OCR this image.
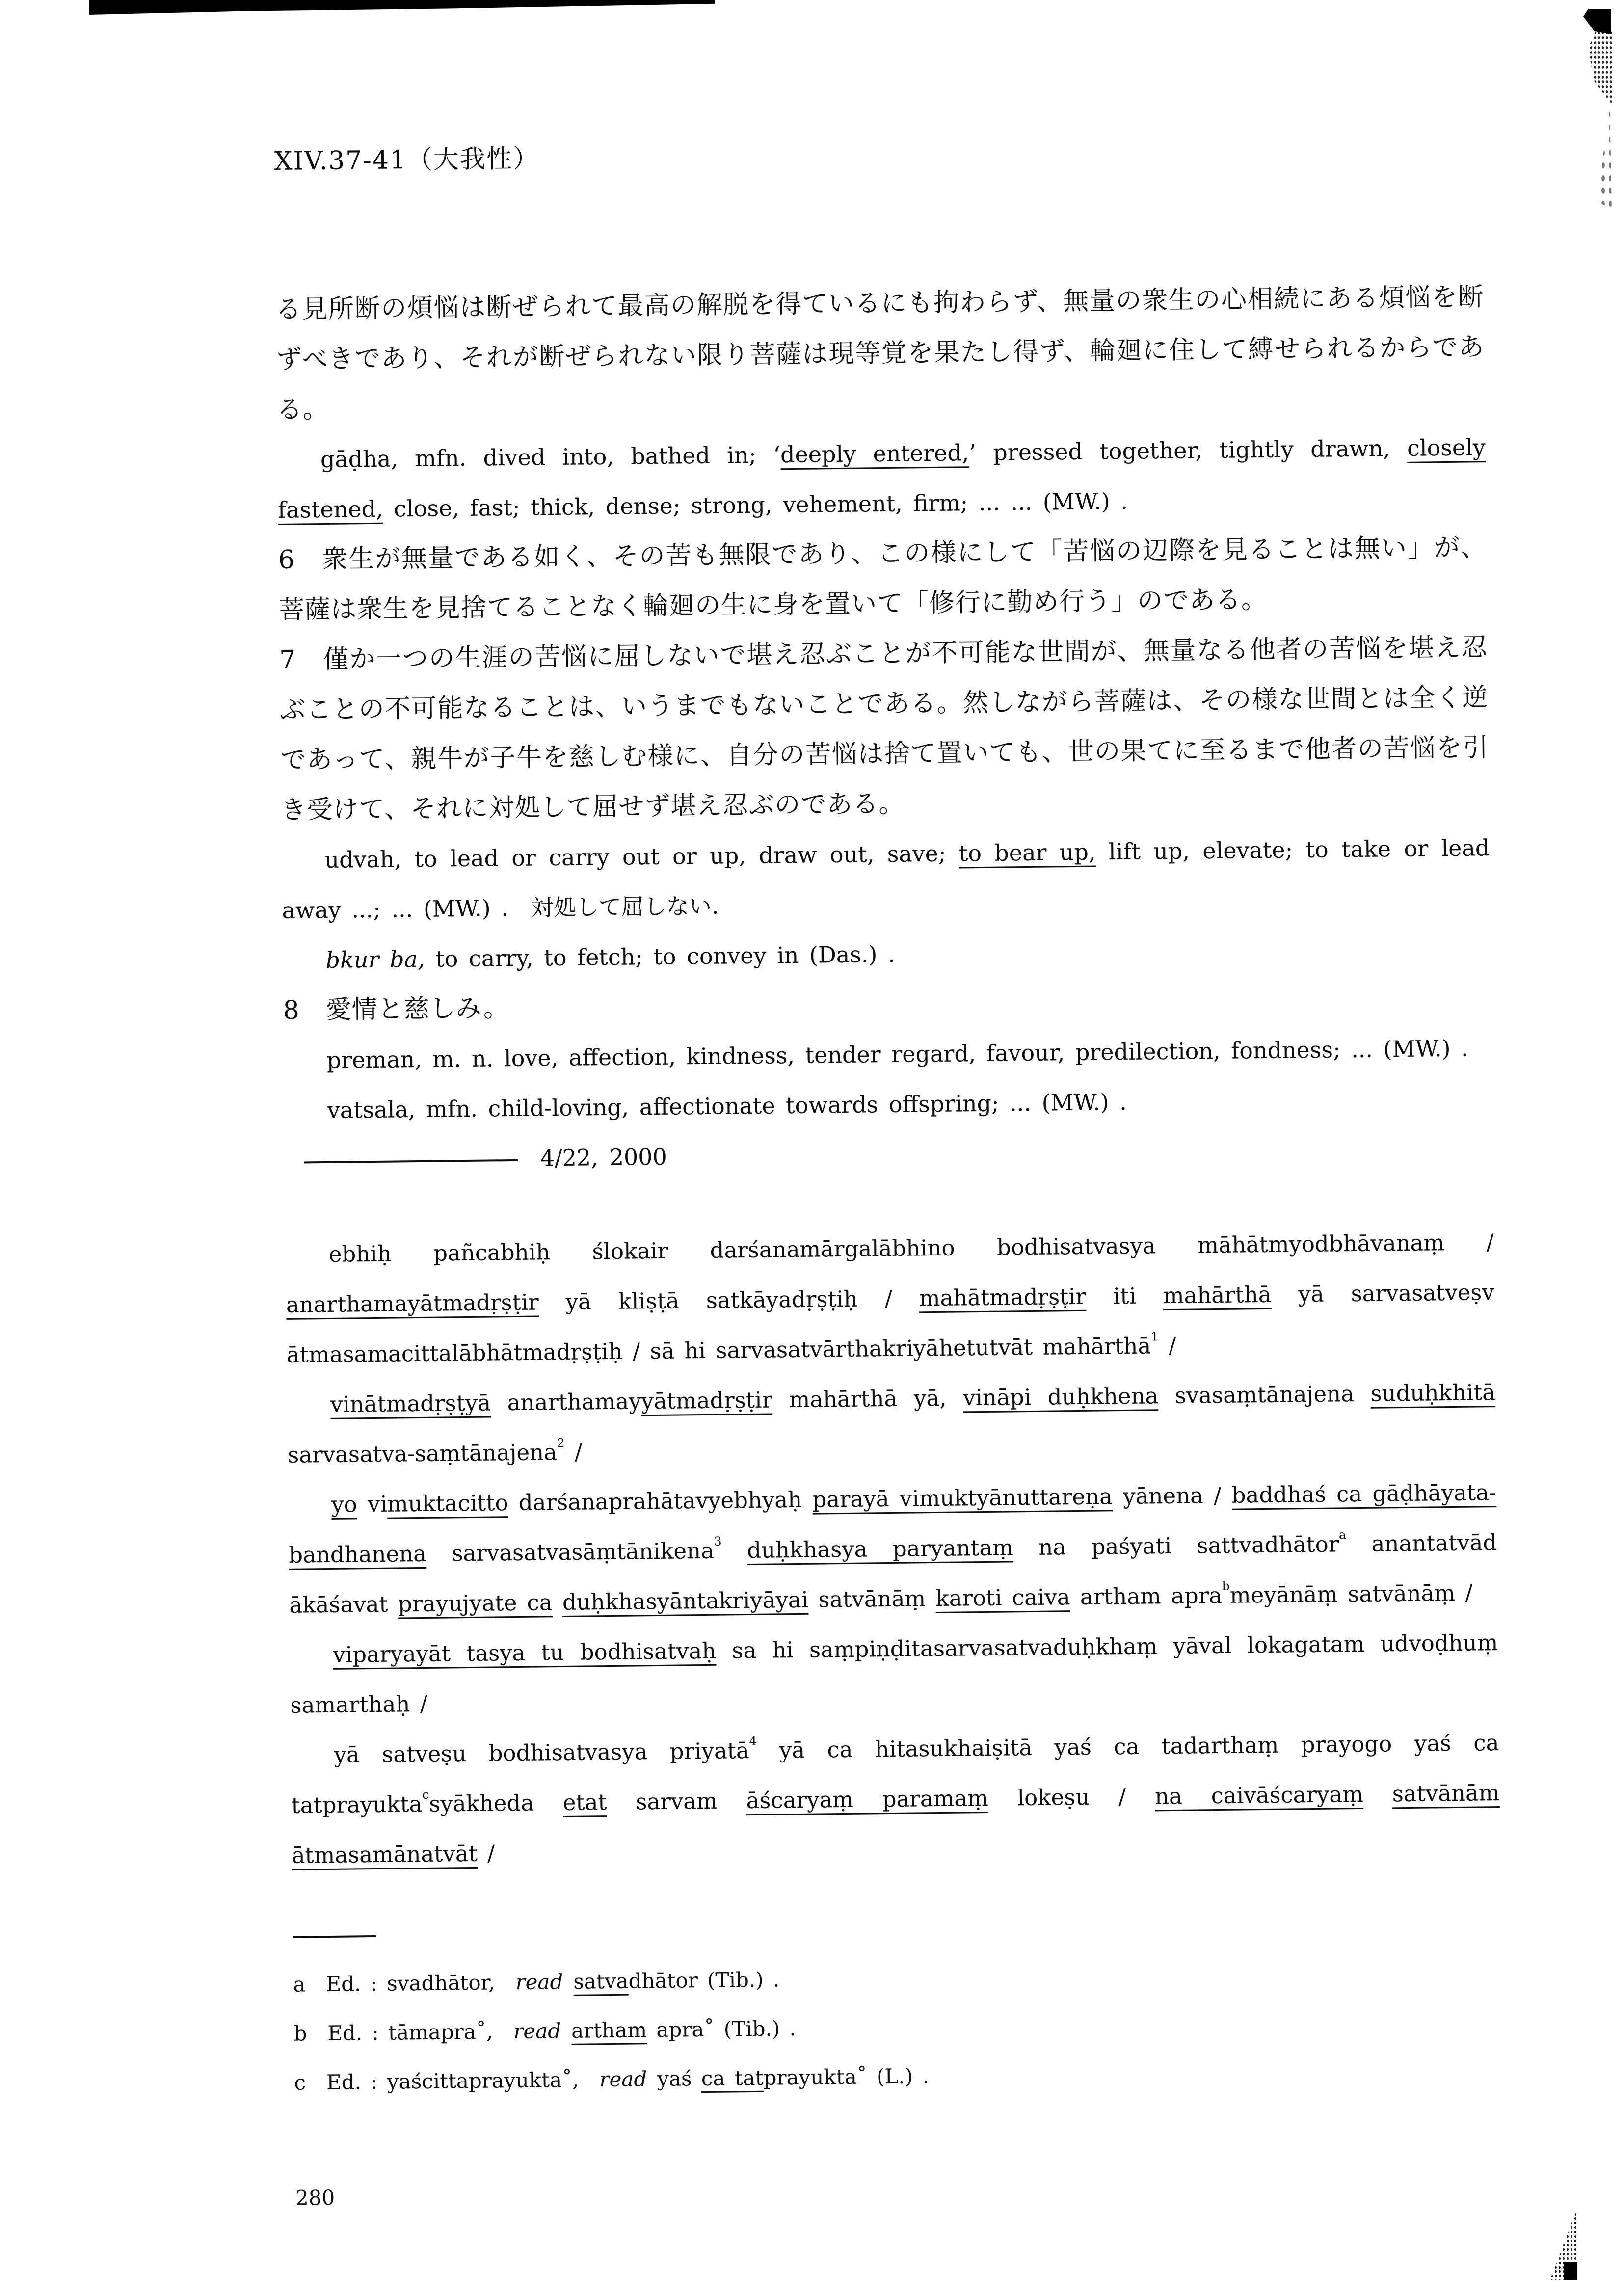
XIV.37-41（大我性）

る見所断の煩悩は断ぜられて最高の解脱を得ているにも拘わらず、無量の衆生の心相続にある煩悩を断ずべきであり、それが断ぜられない限り菩薩は現等覚を果たし得ず、輪廻に住して縛せられるからである。

gāḍha, mfn. dived into, bathed in; ‘deeply entered,’ pressed together, tightly drawn, closely fastened, close, fast; thick, dense; strong, vehement, firm; ... ... (MW.) .

6　衆生が無量である如く、その苦も無限であり、この様にして「苦悩の辺際を見ることは無い」が、菩薩は衆生を見捨てることなく輪廻の生に身を置いて「修行に勤め行う」のである。

7　僅か一つの生涯の苦悩に屈しないで堪え忍ぶことが不可能な世間が、無量なる他者の苦悩を堪え忍ぶことの不可能なることは、いうまでもないことである。然しながら菩薩は、その様な世間とは全く逆であって、親牛が子牛を慈しむ様に、自分の苦悩は捨て置いても、世の果てに至るまで他者の苦悩を引き受けて、それに対処して屈せず堪え忍ぶのである。

udvah, to lead or carry out or up, draw out, save; to bear up, lift up, elevate; to take or lead away ...; ... (MW.) . 対処して屈しない.

bkur ba, to carry, to fetch; to convey in (Das.) .

8　愛情と慈しみ。

preman, m. n. love, affection, kindness, tender regard, favour, predilection, fondness; ... (MW.) .

vatsala, mfn. child-loving, affectionate towards offspring; ... (MW.) .

 4/22, 2000

ebhiḥ pañcabhiḥ ślokair darśanamārgalābhino bodhisatvasya māhātmyodbhāvanaṃ / anarthamayātmadṛṣṭir yā kliṣṭā satkāyadṛṣṭiḥ / mahātmadṛṣṭir iti mahārthā yā sarvasatveṣv ātmasamacittalābhātmadṛṣṭiḥ / sā hi sarvasatvārthakriyāhetutvāt mahārthā$^1$ /

vinātmadṛṣṭyā anarthamayyātmadṛṣṭir mahārthā yā, vināpi duḥkhena svasaṃtānajena suduḥkhitā sarvasatva-saṃtānajena$^2$ /

yo vimuktacitto darśanaprahātavyebhyaḥ parayā vimuktyānuttareṇa yānena / baddhaś ca gāḍhāyata-bandhanena sarvasatvasāṃtānikena$^3$ duḥkhasya paryantaṃ na paśyati sattvadhātor$^a$ anantatvād ākāśavat prayujyate ca duḥkhasyāntakriyāyai satvānāṃ karoti caiva artham apra$^b$meyānāṃ satvānāṃ /

viparyayāt tasya tu bodhisatvaḥ sa hi saṃpiṇḍitasarvasatvaduḥkhaṃ yāval lokagatam udvoḍhuṃ samarthaḥ /

yā satveṣu bodhisatvasya priyatā$^4$ yā ca hitasukhaiṣitā yaś ca tadarthaṃ prayogo yaś ca tatprayukta$^c$syākheda etat sarvam āścaryaṃ paramaṃ lokeṣu / na caivāścaryaṃ satvānām ātmasamānatvāt /

a Ed. : svadhātor, read  satvadhātor (Tib.) .

b Ed. : tāmapra˚, read  artham apra˚ (Tib.) .

c Ed. : yaścittaprayukta˚, read yaś ca tatprayukta˚ (L.) .

280
